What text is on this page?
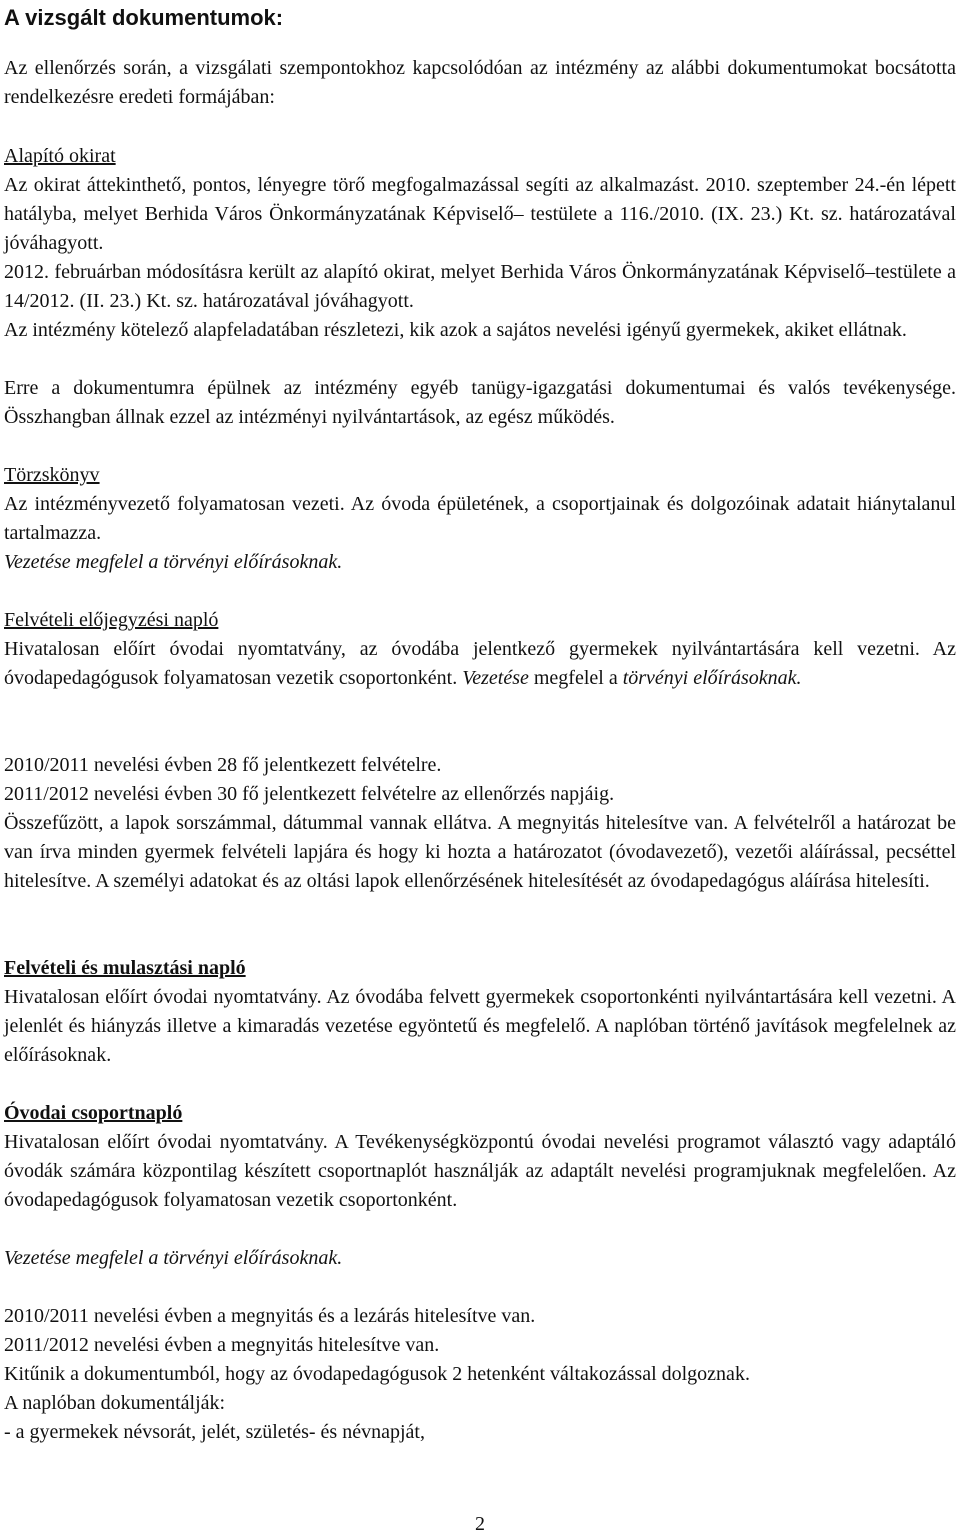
A vizsgált dokumentumok:

Az ellenőrzés során, a vizsgálati szempontokhoz kapcsolódóan az intézmény az alábbi dokumentumokat bocsátotta rendelkezésre eredeti formájában:

Alapító okirat

Az okirat áttekinthető, pontos, lényegre törő megfogalmazással segíti az alkalmazást. 2010. szeptember 24.-én lépett hatályba, melyet Berhida Város Önkormányzatának Képviselő– testülete a 116./2010. (IX. 23.) Kt. sz. határozatával jóváhagyott.

2012. februárban módosításra került az alapító okirat, melyet Berhida Város Önkormányzatának Képviselő–testülete a 14/2012. (II. 23.) Kt. sz. határozatával jóváhagyott.

Az intézmény kötelező alapfeladatában részletezi, kik azok a sajátos nevelési igényű gyermekek, akiket ellátnak.

Erre a dokumentumra épülnek az intézmény egyéb tanügy-igazgatási dokumentumai és valós tevékenysége. Összhangban állnak ezzel az intézményi nyilvántartások, az egész működés.

Törzskönyv

Az intézményvezető folyamatosan vezeti. Az óvoda épületének, a csoportjainak és dolgozóinak adatait hiánytalanul tartalmazza.

Vezetése megfelel a törvényi előírásoknak.
Felvételi előjegyzési napló

Hivatalosan előírt óvodai nyomtatvány, az óvodába jelentkező gyermekek nyilvántartására kell vezetni. Az óvodapedagógusok folyamatosan vezetik csoportonként. Vezetése megfelel a törvényi előírásoknak.

2010/2011 nevelési évben 28 fő jelentkezett felvételre.
2011/2012 nevelési évben 30 fő jelentkezett felvételre az ellenőrzés napjáig.

Összefűzött, a lapok sorszámmal, dátummal vannak ellátva. A megnyitás hitelesítve van. A felvételről a határozat be van írva minden gyermek felvételi lapjára és hogy ki hozta a határozatot (óvodavezető), vezetői aláírással, pecséttel hitelesítve. A személyi adatokat és az oltási lapok ellenőrzésének hitelesítését az óvodapedagógus aláírása hitelesíti.

Felvételi és mulasztási napló

Hivatalosan előírt óvodai nyomtatvány. Az óvodába felvett gyermekek csoportonkénti nyilvántartására kell vezetni. A jelenlét és hiányzás illetve a kimaradás vezetése egyöntetű és megfelelő. A naplóban történő javítások megfelelnek az előírásoknak.

Óvodai csoportnapló

Hivatalosan előírt óvodai nyomtatvány. A Tevékenységközpontú óvodai nevelési programot választó vagy adaptáló óvodák számára központilag készített csoportnaplót használják az adaptált nevelési programjuknak megfelelően. Az óvodapedagógusok folyamatosan vezetik csoportonként.

Vezetése megfelel a törvényi előírásoknak.
2010/2011 nevelési évben a megnyitás és a lezárás hitelesítve van.
2011/2012 nevelési évben a megnyitás hitelesítve van.
Kitűnik a dokumentumból, hogy az óvodapedagógusok 2 hetenként váltakozással dolgoznak.
A naplóban dokumentálják:
- a gyermekek névsorát, jelét, születés- és névnapját,
2
